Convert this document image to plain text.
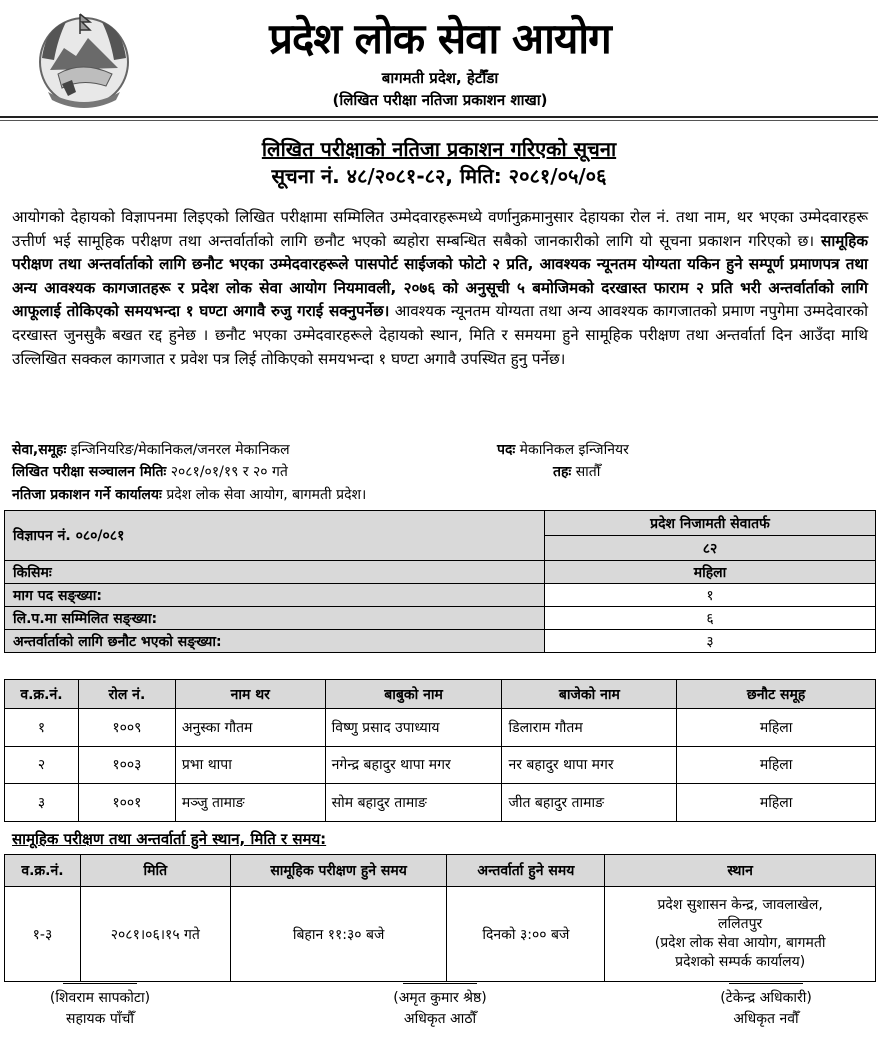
प्रदेश लोक सेवा आयोग
बागमती प्रदेश, हेटौँडा
(लिखित परीक्षा नतिजा प्रकाशन शाखा)
लिखित परीक्षाको नतिजा प्रकाशन गरिएको सूचना
सूचना नं. ४८/२०८१-८२, मिति: २०८१/०५/०६
आयोगको देहायको विज्ञापनमा लिइएको लिखित परीक्षामा सम्मिलित उम्मेदवारहरूमध्ये वर्णानुक्रमानुसार देहायका रोल नं. तथा नाम, थर भएका उम्मेदवारहरू उत्तीर्ण भई सामूहिक परीक्षण तथा अन्तर्वार्ताको लागि छनौट भएको ब्यहोरा सम्बन्धित सबैको जानकारीको लागि यो सूचना प्रकाशन गरिएको छ। सामूहिक परीक्षण तथा अन्तर्वार्ताको लागि छनौट भएका उम्मेदवारहरूले पासपोर्ट साईजको फोटो २ प्रति, आवश्यक न्यूनतम योग्यता यकिन हुने सम्पूर्ण प्रमाणपत्र तथा अन्य आवश्यक कागजातहरू र प्रदेश लोक सेवा आयोग नियमावली, २०७६ को अनुसूची ५ बमोजिमको दरखास्त फाराम २ प्रति भरी अन्तर्वार्ताको लागि आफूलाई तोकिएको समयभन्दा १ घण्टा अगावै रुजु गराई सक्नुपर्नेछ। आवश्यक न्यूनतम योग्यता तथा अन्य आवश्यक कागजातको प्रमाण नपुगेमा उम्मदेवारको दरखास्त जुनसुकै बखत रद्द हुनेछ । छनौट भएका उम्मेदवारहरूले देहायको स्थान, मिति र समयमा हुने सामूहिक परीक्षण तथा अन्तर्वार्ता दिन आउँदा माथि उल्लिखित सक्कल कागजात र प्रवेश पत्र लिई तोकिएको समयभन्दा १ घण्टा अगावै उपस्थित हुनु पर्नेछ।
सेवा,समूहः इन्जिनियरिङ/मेकानिकल/जनरल मेकानिकल	पदः मेकानिकल इन्जिनियर
लिखित परीक्षा सञ्चालन मितिः २०८१/०१/१९ र २० गते	तहः सातौँ
नतिजा प्रकाशन गर्ने कार्यालयः प्रदेश लोक सेवा आयोग, बागमती प्रदेश।
विज्ञापन नं. ०८०/०८१	प्रदेश निजामती सेवातर्फ
	८२
किसिमः	महिला
माग पद सङ्ख्या:	१
लि.प.मा सम्मिलित सङ्ख्या:	६
अन्तर्वार्ताको लागि छनौट भएको सङ्ख्या:	३
व.क्र.नं.	रोल नं.	नाम थर	बाबुको नाम	बाजेको नाम	छनौट समूह
१	१००९	अनुस्का गौतम	विष्णु प्रसाद उपाध्याय	डिलाराम गौतम	महिला
२	१००३	प्रभा थापा	नगेन्द्र बहादुर थापा मगर	नर बहादुर थापा मगर	महिला
३	१००१	मञ्जु तामाङ	सोम बहादुर तामाङ	जीत बहादुर तामाङ	महिला
सामूहिक परीक्षण तथा अन्तर्वार्ता हुने स्थान, मिति र समय:
व.क्र.नं.	मिति	सामूहिक परीक्षण हुने समय	अन्तर्वार्ता हुने समय	स्थान
१-३	२०८१।०६।१५ गते	बिहान ११:३० बजे	दिनको ३:०० बजे	प्रदेश सुशासन केन्द्र, जावलाखेल,
ललितपुर
(प्रदेश लोक सेवा आयोग, बागमती
प्रदेशको सम्पर्क कार्यालय)
(शिवराम सापकोटा)
सहायक पाँचौँ
(अमृत कुमार श्रेष्ठ)
अधिकृत आठौँ
(टेकेन्द्र अधिकारी)
अधिकृत नवौँ
